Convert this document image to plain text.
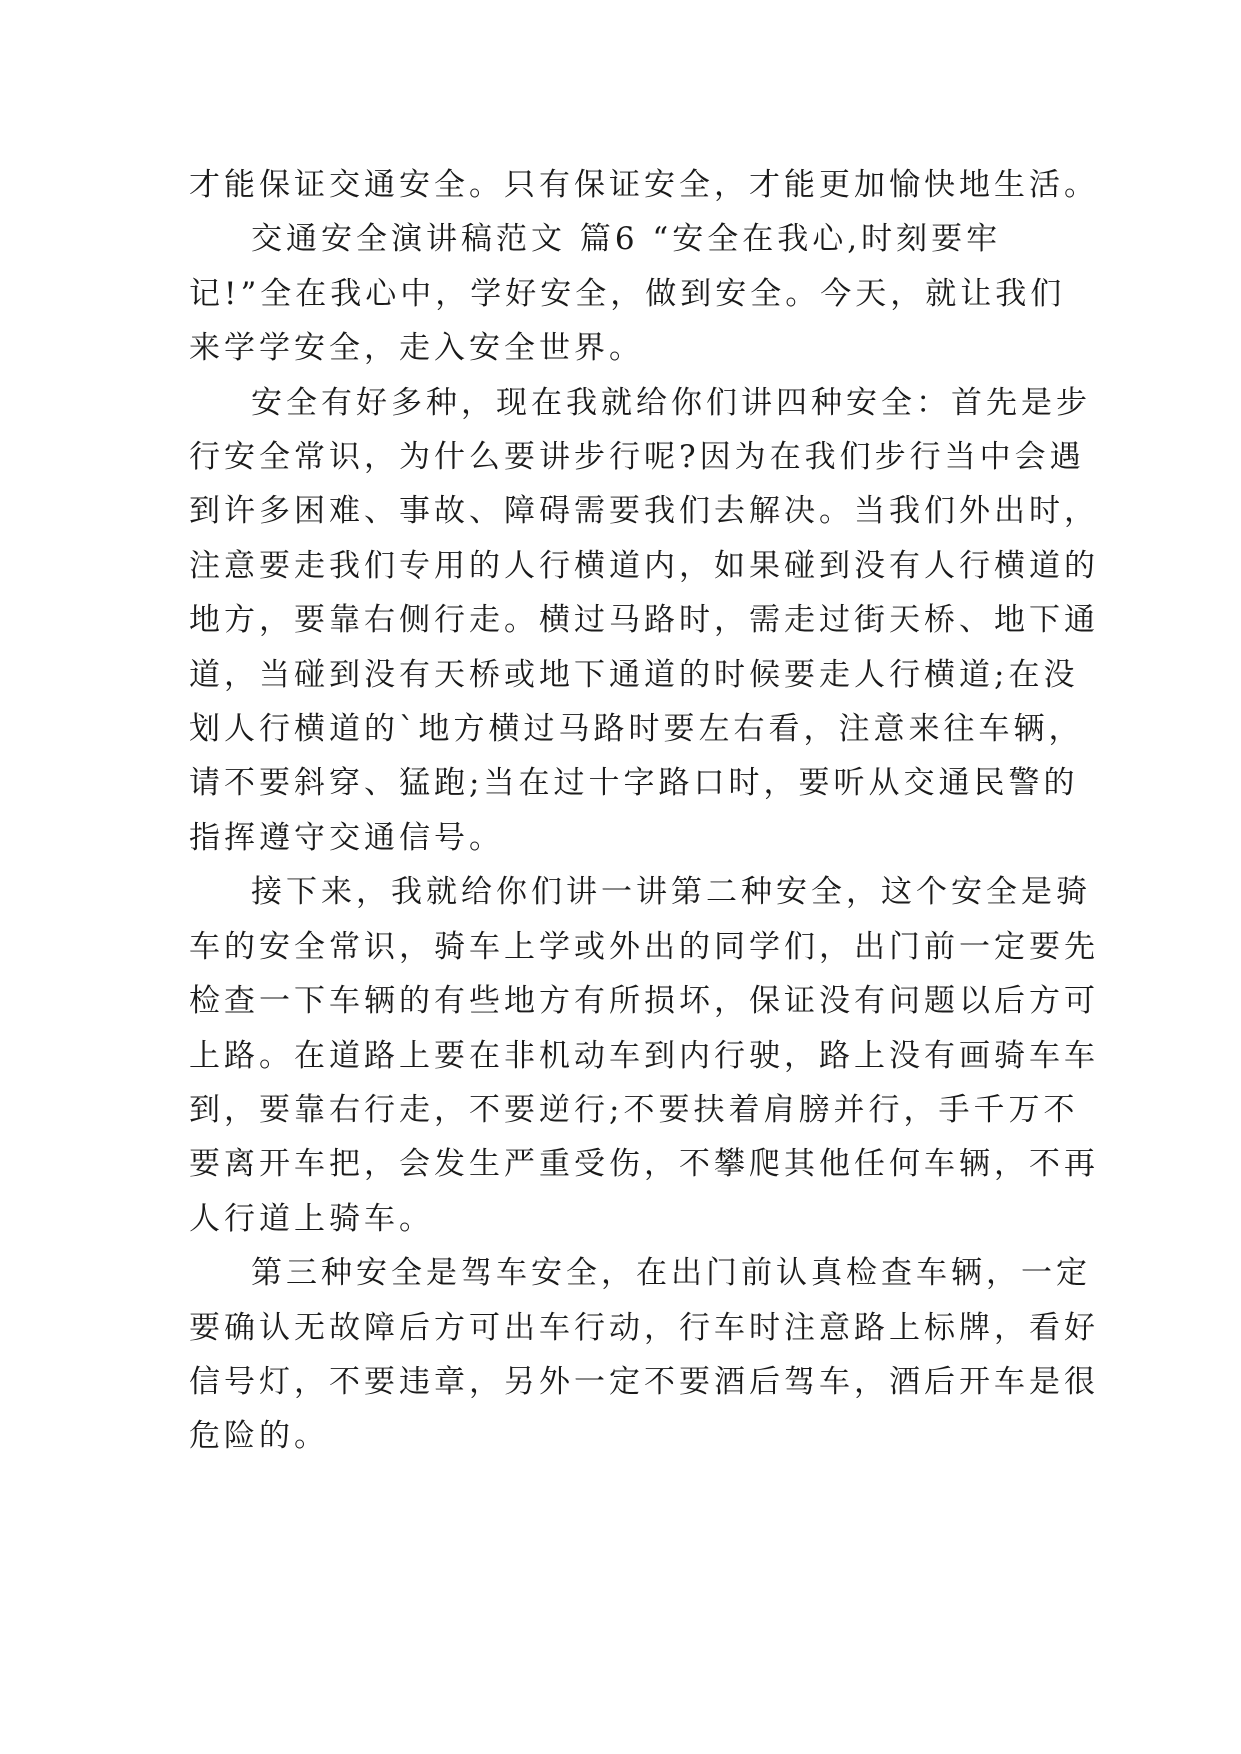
才能保证交通安全。只有保证安全，才能更加愉快地生活。

交通安全演讲稿范文 篇6 “安全在我心,时刻要牢
记!”全在我心中，学好安全，做到安全。今天，就让我们
来学学安全，走入安全世界。

安全有好多种，现在我就给你们讲四种安全：首先是步
行安全常识，为什么要讲步行呢?因为在我们步行当中会遇
到许多困难、事故、障碍需要我们去解决。当我们外出时，
注意要走我们专用的人行横道内，如果碰到没有人行横道的
地方，要靠右侧行走。横过马路时，需走过街天桥、地下通
道，当碰到没有天桥或地下通道的时候要走人行横道;在没
划人行横道的`地方横过马路时要左右看，注意来往车辆，
请不要斜穿、猛跑;当在过十字路口时，要听从交通民警的
指挥遵守交通信号。

接下来，我就给你们讲一讲第二种安全，这个安全是骑
车的安全常识，骑车上学或外出的同学们，出门前一定要先
检查一下车辆的有些地方有所损坏，保证没有问题以后方可
上路。在道路上要在非机动车到内行驶，路上没有画骑车车
到，要靠右行走，不要逆行;不要扶着肩膀并行，手千万不
要离开车把，会发生严重受伤，不攀爬其他任何车辆，不再
人行道上骑车。

第三种安全是驾车安全，在出门前认真检查车辆，一定
要确认无故障后方可出车行动，行车时注意路上标牌，看好
信号灯，不要违章，另外一定不要酒后驾车，酒后开车是很
危险的。
